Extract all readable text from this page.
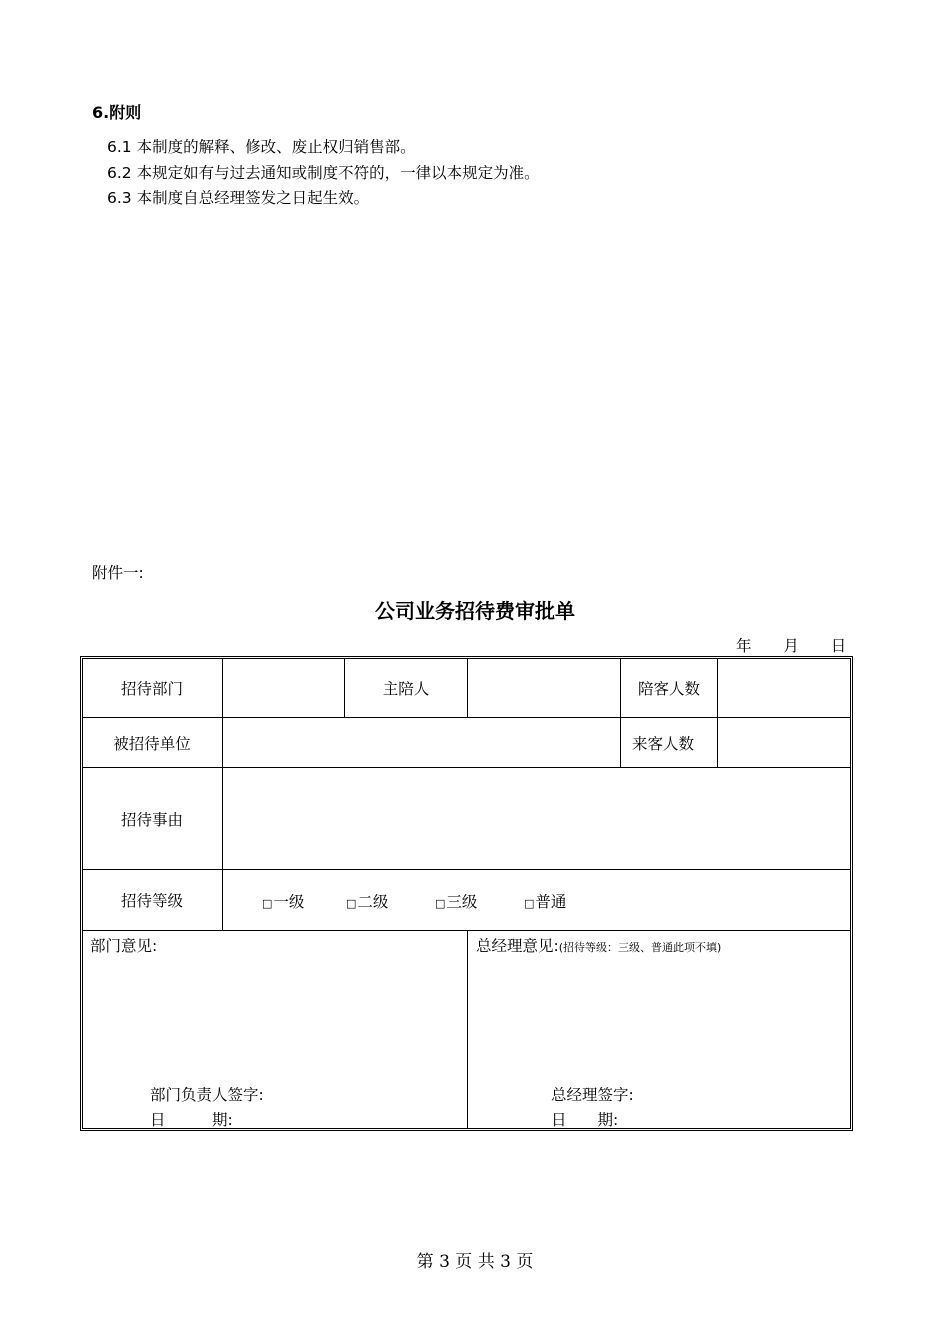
6.附则
6.1 本制度的解释、修改、废止权归销售部。
6.2 本规定如有与过去通知或制度不符的，一律以本规定为准。
6.3 本制度自总经理签发之日起生效。
附件一:
公司业务招待费审批单
年 月 日
招待部门	主陪人	陪客人数
被招待单位	来客人数
招待事由
招待等级	□一级	□二级	□三级	□普通
部门意见:	总经理意见:(招待等级：三级、普通此项不填)
部门负责人签字:
日　　　期:
总经理签字:
日　　期:
第 3 页 共 3 页
